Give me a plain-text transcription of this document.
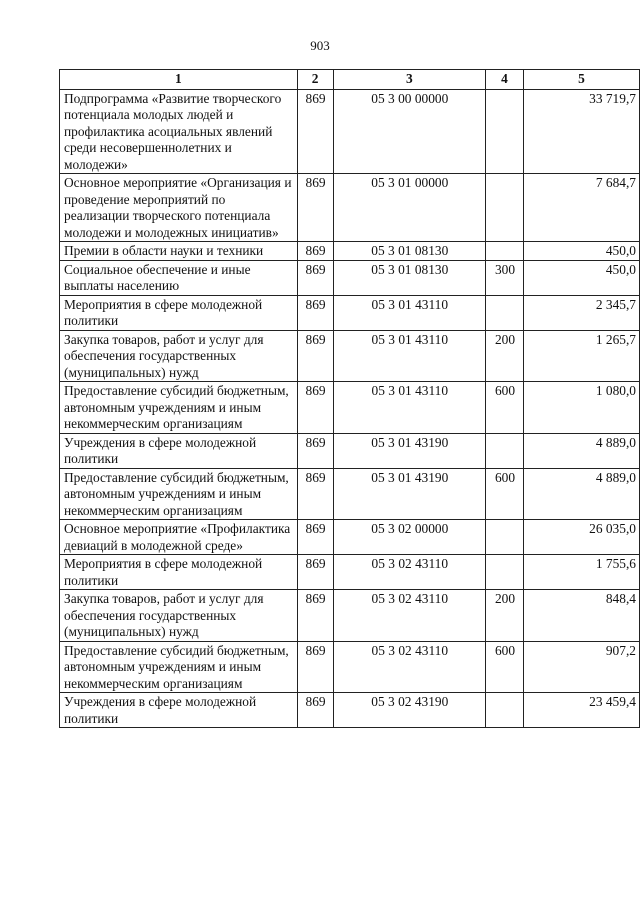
903
1	2	3	4	5
Подпрограмма «Развитие творческого потенциала молодых людей и профилактика асоциальных явлений среди несовершеннолетних и молодежи»	869	05 3 00 00000		33 719,7
Основное мероприятие «Организация и проведение мероприятий по реализации творческого потенциала молодежи и молодежных инициатив»	869	05 3 01 00000		7 684,7
Премии в области науки и техники	869	05 3 01 08130		450,0
Социальное обеспечение и иные выплаты населению	869	05 3 01 08130	300	450,0
Мероприятия в сфере молодежной политики	869	05 3 01 43110		2 345,7
Закупка товаров, работ и услуг для обеспечения государственных (муниципальных) нужд	869	05 3 01 43110	200	1 265,7
Предоставление субсидий бюджетным, автономным учреждениям и иным некоммерческим организациям	869	05 3 01 43110	600	1 080,0
Учреждения в сфере молодежной политики	869	05 3 01 43190		4 889,0
Предоставление субсидий бюджетным, автономным учреждениям и иным некоммерческим организациям	869	05 3 01 43190	600	4 889,0
Основное мероприятие «Профилактика девиаций в молодежной среде»	869	05 3 02 00000		26 035,0
Мероприятия в сфере молодежной политики	869	05 3 02 43110		1 755,6
Закупка товаров, работ и услуг для обеспечения государственных (муниципальных) нужд	869	05 3 02 43110	200	848,4
Предоставление субсидий бюджетным, автономным учреждениям и иным некоммерческим организациям	869	05 3 02 43110	600	907,2
Учреждения в сфере молодежной политики	869	05 3 02 43190		23 459,4
